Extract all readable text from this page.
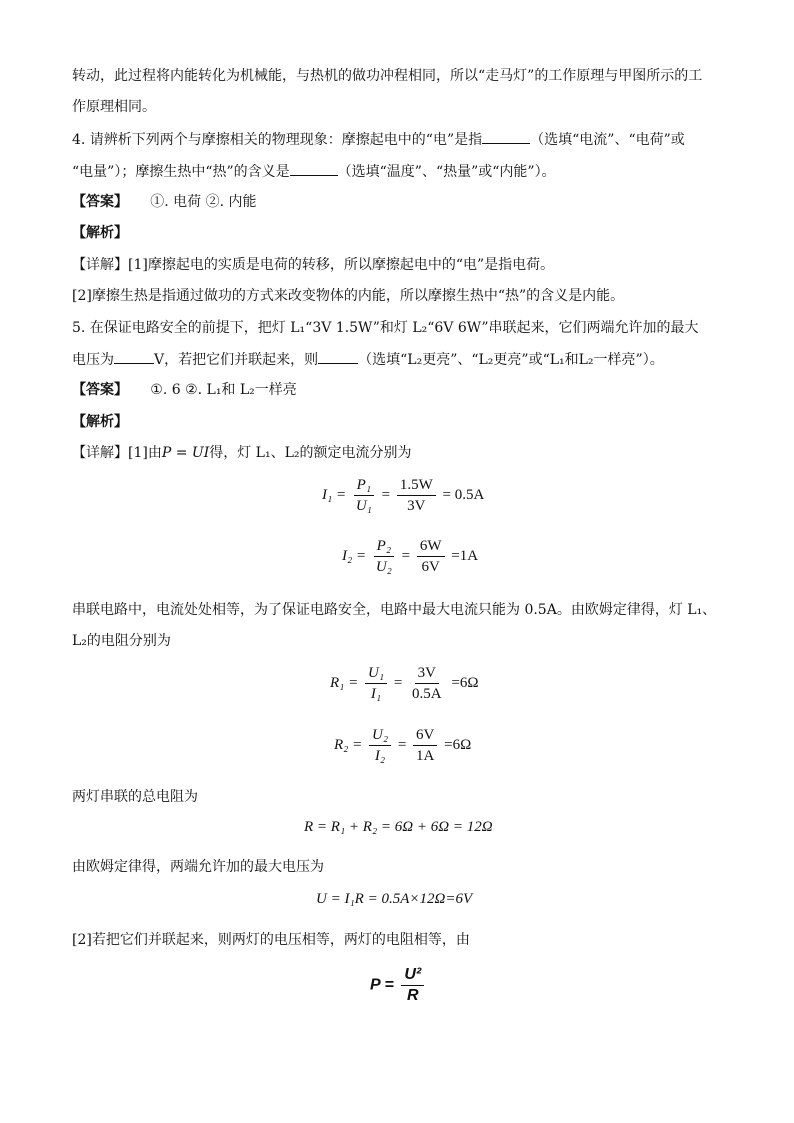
转动，此过程将内能转化为机械能，与热机的做功冲程相同，所以“走马灯”的工作原理与甲图所示的工
作原理相同。
4. 请辨析下列两个与摩擦相关的物理现象：摩擦起电中的“电”是指	（选填“电流”、“电荷”或
“电量”）；摩擦生热中“热”的含义是	（选填“温度”、“热量”或“内能”）。
【答案】 ①. 电荷 ②. 内能
【解析】
【详解】[1]摩擦起电的实质是电荷的转移，所以摩擦起电中的“电”是指电荷。
[2]摩擦生热是指通过做功的方式来改变物体的内能，所以摩擦生热中“热”的含义是内能。
5. 在保证电路安全的前提下，把灯 L₁“3V 1.5W”和灯 L₂“6V 6W”串联起来，它们两端允许加的最大
电压为	V，若把它们并联起来，则	（选填“L₂更亮”、“L₂更亮”或“L₁和L₂一样亮”）。
【答案】 ①. 6 ②. L₁和 L₂一样亮
【解析】
【详解】[1]由P = UI得，灯 L₁、L₂的额定电流分别为
$I_1 = \frac{\text{P₁}}{\text{U₁}} = \frac{1.5W}{3V} = 0.5A$
$I_2 = \frac{\text{P₂}}{\text{U₂}} = \frac{6W}{6V} =1A$
串联电路中，电流处处相等，为了保证电路安全，电路中最大电流只能为 0.5A。由欧姆定律得，灯 L₁、
L₂的电阻分别为
$R_1 = \frac{\text{U₁}}{\text{I₁}} = \frac{3V}{0.5A} =6\Omega$
$R_2 = \frac{\text{U₂}}{\text{I₂}} = \frac{6V}{1A} =6\Omega$
两灯串联的总电阻为
R = R₁ + R₂ = 6Ω + 6Ω = 12Ω
由欧姆定律得，两端允许加的最大电压为
U = I₁R = 0.5A×12Ω=6V
[2]若把它们并联起来，则两灯的电压相等，两灯的电阻相等，由
$P = \frac{\text{U²}}{R}$
